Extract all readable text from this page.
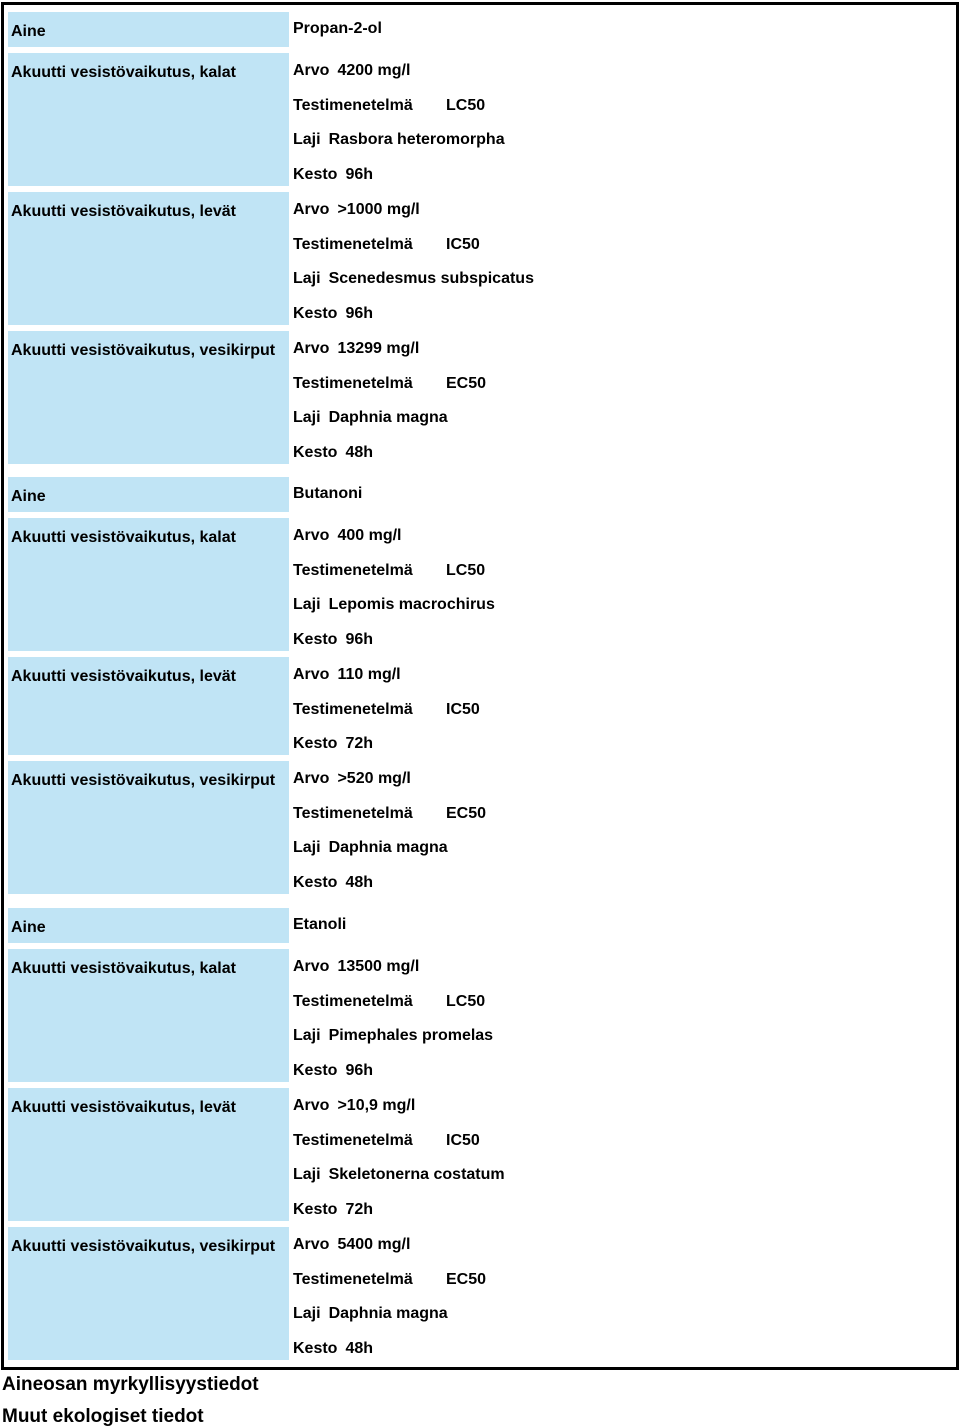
Aine	Propan-2-ol
Akuutti vesistövaikutus, kalat	Arvo 4200 mg/l
Testimenetelmä LC50
Laji Rasbora heteromorpha
Kesto 96h
Akuutti vesistövaikutus, levät	Arvo >1000 mg/l
Testimenetelmä IC50
Laji Scenedesmus subspicatus
Kesto 96h
Akuutti vesistövaikutus, vesikirput	Arvo 13299 mg/l
Testimenetelmä EC50
Laji Daphnia magna
Kesto 48h
Aine	Butanoni
Akuutti vesistövaikutus, kalat	Arvo 400 mg/l
Testimenetelmä LC50
Laji Lepomis macrochirus
Kesto 96h
Akuutti vesistövaikutus, levät	Arvo 110 mg/l
Testimenetelmä IC50
Kesto 72h
Akuutti vesistövaikutus, vesikirput	Arvo >520 mg/l
Testimenetelmä EC50
Laji Daphnia magna
Kesto 48h
Aine	Etanoli
Akuutti vesistövaikutus, kalat	Arvo 13500 mg/l
Testimenetelmä LC50
Laji Pimephales promelas
Kesto 96h
Akuutti vesistövaikutus, levät	Arvo >10,9 mg/l
Testimenetelmä IC50
Laji Skeletonerna costatum
Kesto 72h
Akuutti vesistövaikutus, vesikirput	Arvo 5400 mg/l
Testimenetelmä EC50
Laji Daphnia magna
Kesto 48h
Aineosan myrkyllisyystiedot
Muut ekologiset tiedot
